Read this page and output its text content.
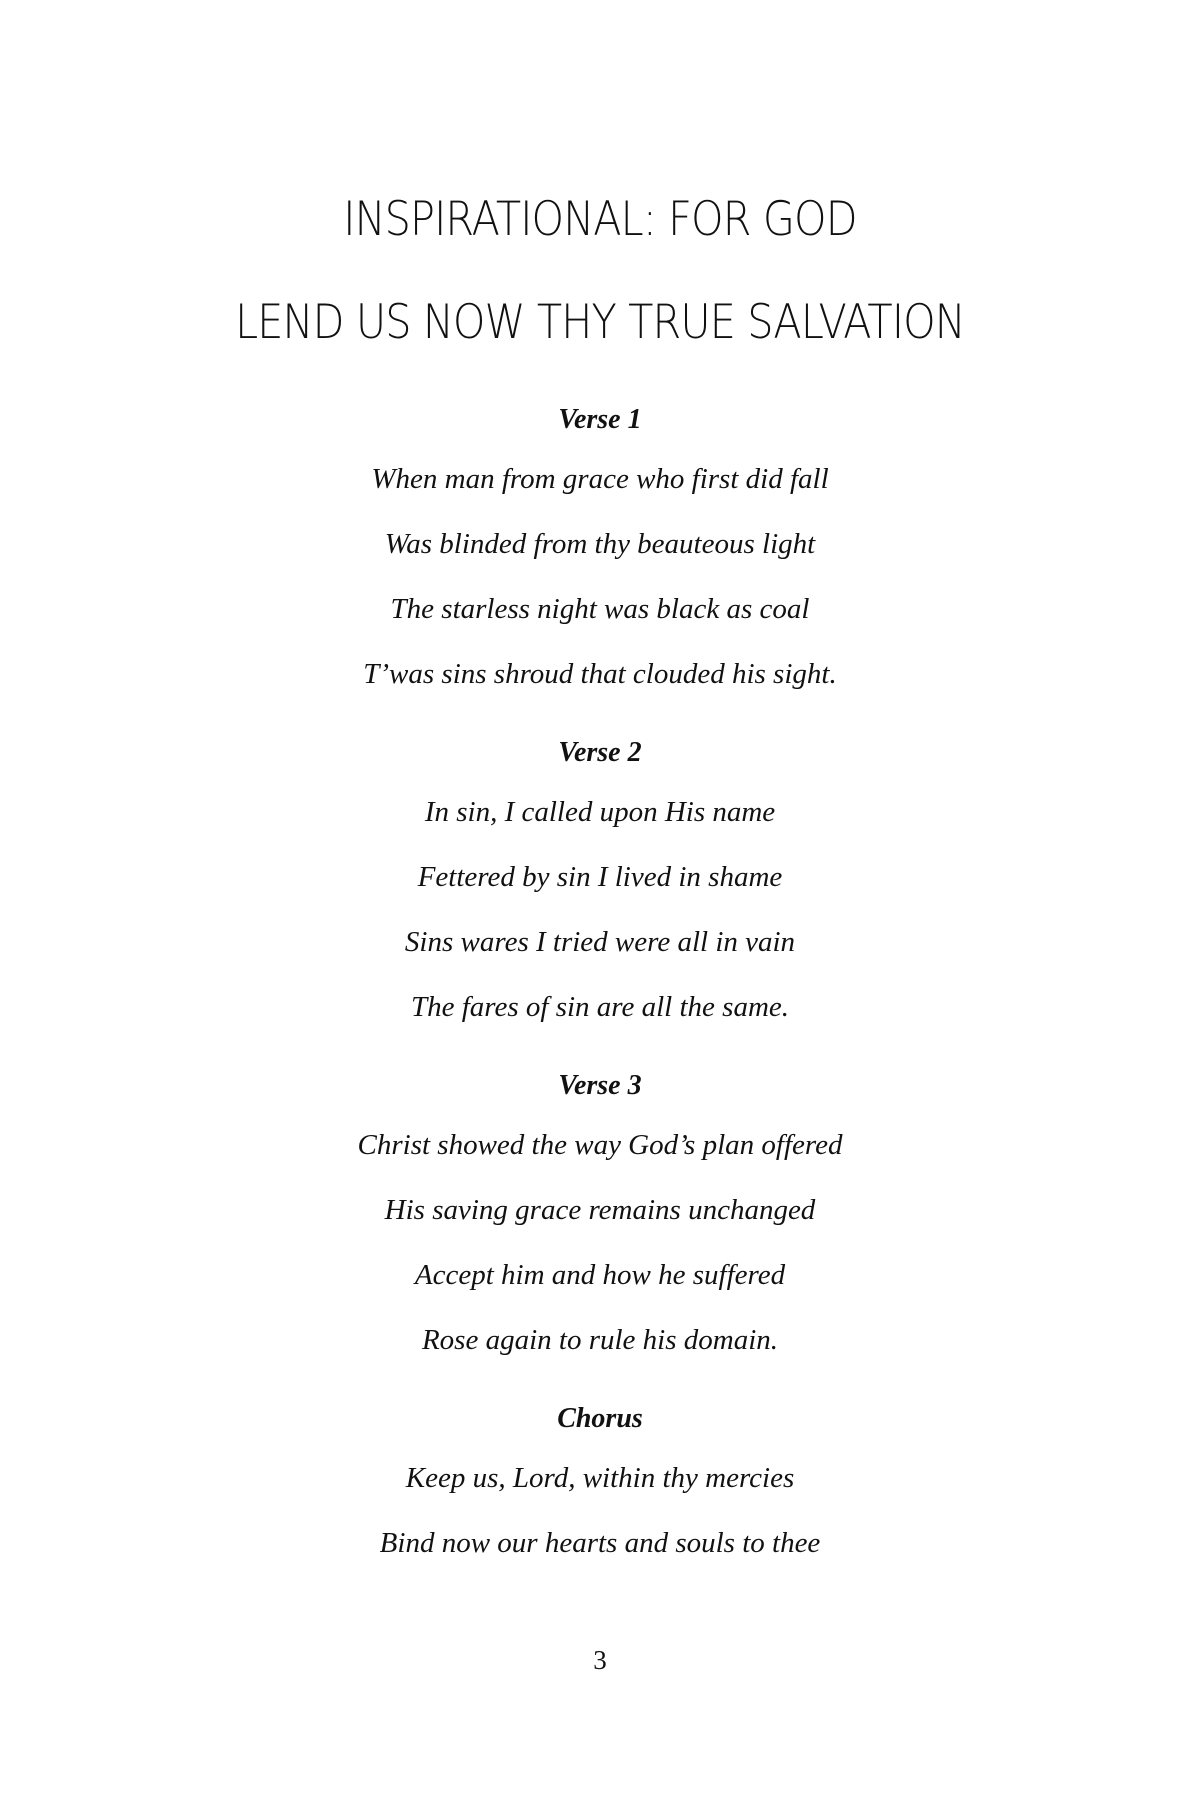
INSPIRATIONAL: FOR GOD
LEND US NOW THY TRUE SALVATION
Verse 1
When man from grace who first did fall
Was blinded from thy beauteous light
The starless night was black as coal
T’was sins shroud that clouded his sight.
Verse 2
In sin, I called upon His name
Fettered by sin I lived in shame
Sins wares I tried were all in vain
The fares of sin are all the same.
Verse 3
Christ showed the way God’s plan offered
His saving grace remains unchanged
Accept him and how he suffered
Rose again to rule his domain.
Chorus
Keep us, Lord, within thy mercies
Bind now our hearts and souls to thee
3
